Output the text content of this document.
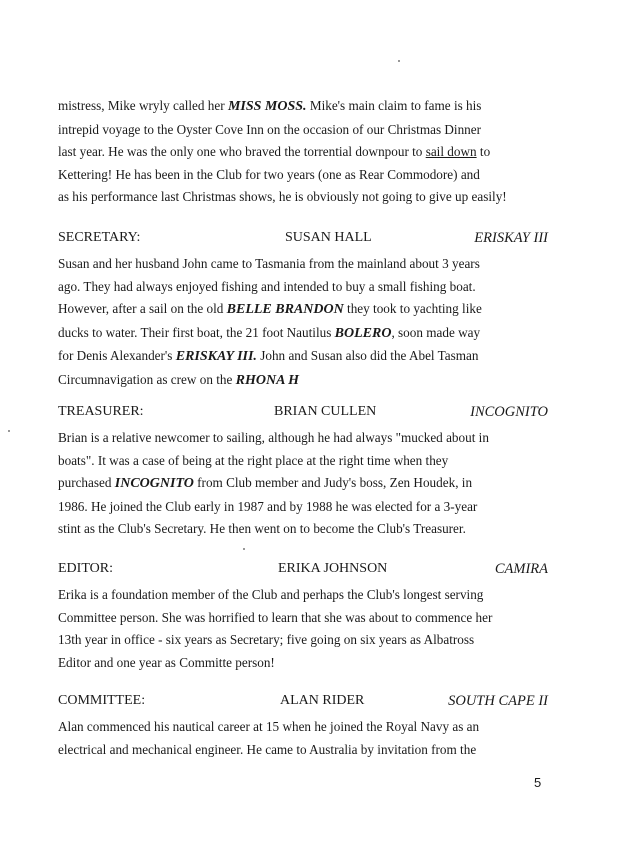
mistress, Mike wryly called her MISS MOSS. Mike's main claim to fame is his
intrepid voyage to the Oyster Cove Inn on the occasion of our Christmas Dinner
last year. He was the only one who braved the torrential downpour to sail down to
Kettering! He has been in the Club for two years (one as Rear Commodore) and
as his performance last Christmas shows, he is obviously not going to give up easily!
SECRETARY:	SUSAN HALL	ERISKAY III
Susan and her husband John came to Tasmania from the mainland about 3 years
ago. They had always enjoyed fishing and intended to buy a small fishing boat.
However, after a sail on the old BELLE BRANDON they took to yachting like
ducks to water. Their first boat, the 21 foot Nautilus BOLERO, soon made way
for Denis Alexander's ERISKAY III. John and Susan also did the Abel Tasman
Circumnavigation as crew on the RHONA H
TREASURER:	BRIAN CULLEN	INCOGNITO
Brian is a relative newcomer to sailing, although he had always "mucked about in
boats". It was a case of being at the right place at the right time when they
purchased INCOGNITO from Club member and Judy's boss, Zen Houdek, in
1986. He joined the Club early in 1987 and by 1988 he was elected for a 3-year
stint as the Club's Secretary. He then went on to become the Club's Treasurer.
EDITOR:	ERIKA JOHNSON	CAMIRA
Erika is a foundation member of the Club and perhaps the Club's longest serving
Committee person. She was horrified to learn that she was about to commence her
13th year in office - six years as Secretary; five going on six years as Albatross
Editor and one year as Committe person!
COMMITTEE:	ALAN RIDER	SOUTH CAPE II
Alan commenced his nautical career at 15 when he joined the Royal Navy as an
electrical and mechanical engineer. He came to Australia by invitation from the
5
